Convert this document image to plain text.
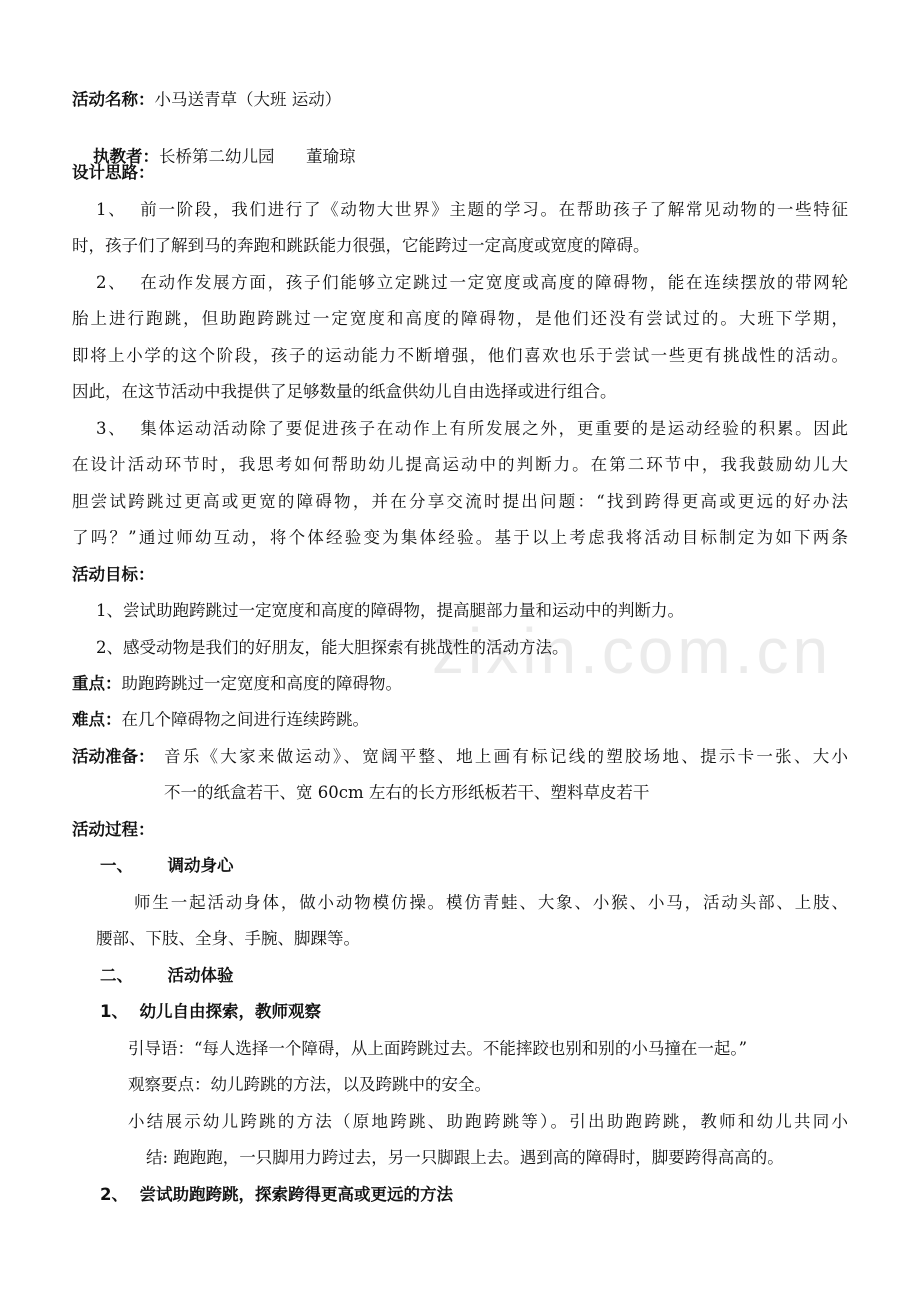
zixin.com.cn
活动名称：小马送青草（大班 运动）

执教者：长桥第二幼儿园      董瑜琼

设计思路：
1、  前一阶段，我们进行了《动物大世界》主题的学习。在帮助孩子了解常见动物的一些特征
时，孩子们了解到马的奔跑和跳跃能力很强，它能跨过一定高度或宽度的障碍。
2、  在动作发展方面，孩子们能够立定跳过一定宽度或高度的障碍物，能在连续摆放的带网轮
胎上进行跑跳，但助跑跨跳过一定宽度和高度的障碍物，是他们还没有尝试过的。大班下学期，
即将上小学的这个阶段，孩子的运动能力不断增强，他们喜欢也乐于尝试一些更有挑战性的活动。
因此，在这节活动中我提供了足够数量的纸盒供幼儿自由选择或进行组合。
3、  集体运动活动除了要促进孩子在动作上有所发展之外，更重要的是运动经验的积累。因此
在设计活动环节时，我思考如何帮助幼儿提高运动中的判断力。在第二环节中，我我鼓励幼儿大
胆尝试跨跳过更高或更宽的障碍物，并在分享交流时提出问题：“找到跨得更高或更远的好办法
了吗？”通过师幼互动，将个体经验变为集体经验。基于以上考虑我将活动目标制定为如下两条
活动目标：
1、尝试助跑跨跳过一定宽度和高度的障碍物，提高腿部力量和运动中的判断力。
2、感受动物是我们的好朋友，能大胆探索有挑战性的活动方法。
重点：助跑跨跳过一定宽度和高度的障碍物。
难点：在几个障碍物之间进行连续跨跳。
活动准备： 音乐《大家来做运动》、宽阔平整、地上画有标记线的塑胶场地、提示卡一张、大小
不一的纸盒若干、宽 60cm 左右的长方形纸板若干、塑料草皮若干
活动过程：
一、      调动身心
师生一起活动身体，做小动物模仿操。模仿青蛙、大象、小猴、小马，活动头部、上肢、
腰部、下肢、全身、手腕、脚踝等。
二、      活动体验
1、  幼儿自由探索，教师观察
引导语：“每人选择一个障碍，从上面跨跳过去。不能摔跤也别和别的小马撞在一起。”
观察要点：幼儿跨跳的方法，以及跨跳中的安全。
小结展示幼儿跨跳的方法（原地跨跳、助跑跨跳等）。引出助跑跨跳，教师和幼儿共同小
结: 跑跑跑，一只脚用力跨过去，另一只脚跟上去。遇到高的障碍时，脚要跨得高高的。
2、  尝试助跑跨跳，探索跨得更高或更远的方法
